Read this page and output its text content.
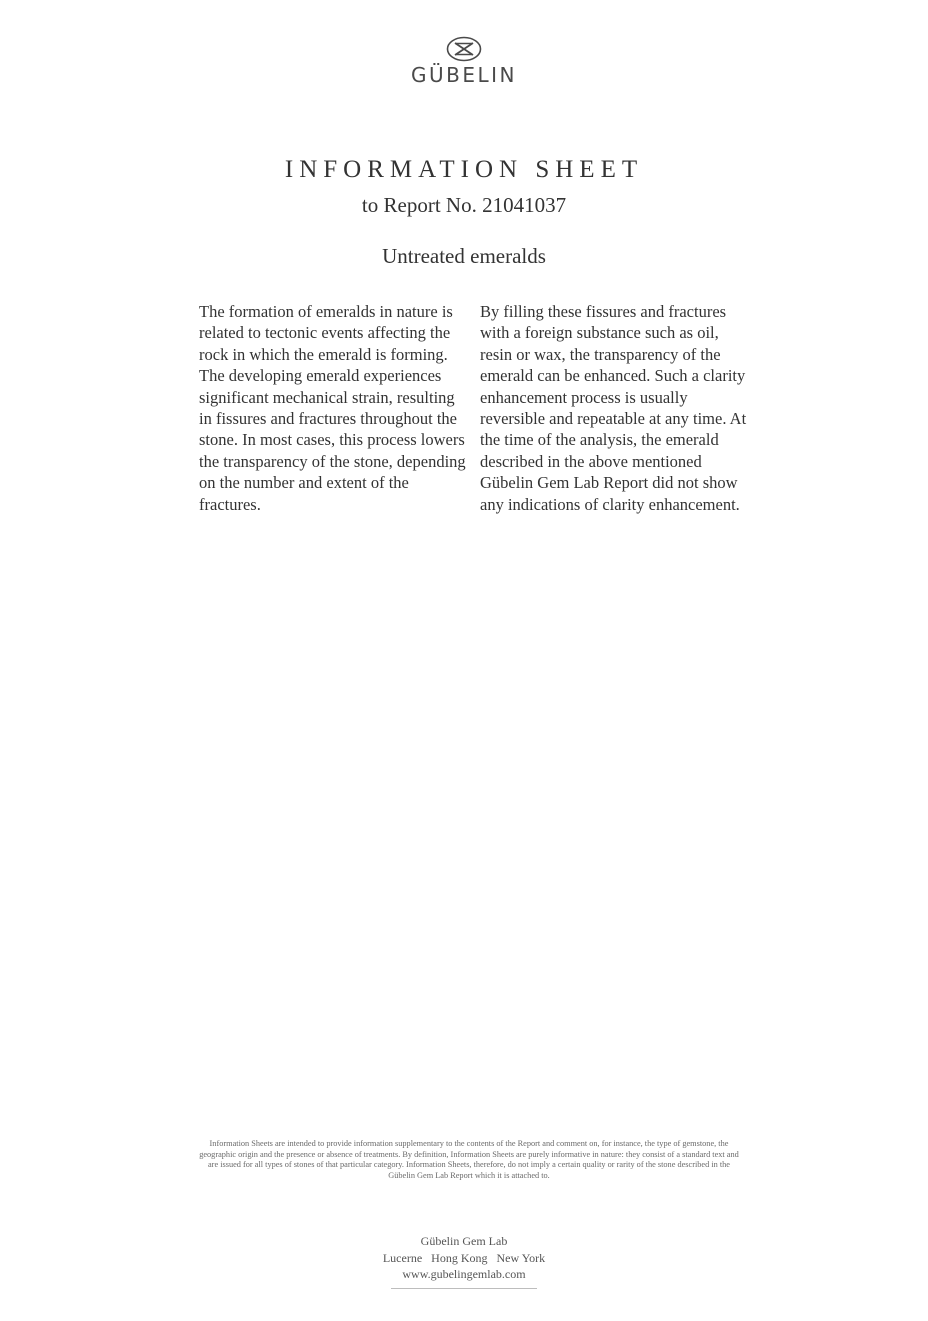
GÜBELIN
INFORMATION SHEET
to Report No. 21041037
Untreated emeralds
The formation of emeralds in nature is related to tectonic events affecting the rock in which the emerald is forming. The developing emerald experiences significant mechanical strain, resulting in fissures and fractures throughout the stone. In most cases, this process lowers the transparency of the stone, depending on the number and extent of the fractures.
By filling these fissures and fractures with a foreign substance such as oil, resin or wax, the transparency of the emerald can be enhanced. Such a clarity enhancement process is usually reversible and repeatable at any time. At the time of the analysis, the emerald described in the above mentioned Gübelin Gem Lab Report did not show any indications of clarity enhancement.
Information Sheets are intended to provide information supplementary to the contents of the Report and comment on, for instance, the type of gemstone, the geographic origin and the presence or absence of treatments. By definition, Information Sheets are purely informative in nature: they consist of a standard text and are issued for all types of stones of that particular category. Information Sheets, therefore, do not imply a certain quality or rarity of the stone described in the Gübelin Gem Lab Report which it is attached to.
Gübelin Gem Lab
Lucerne   Hong Kong   New York
www.gubelingemlab.com
